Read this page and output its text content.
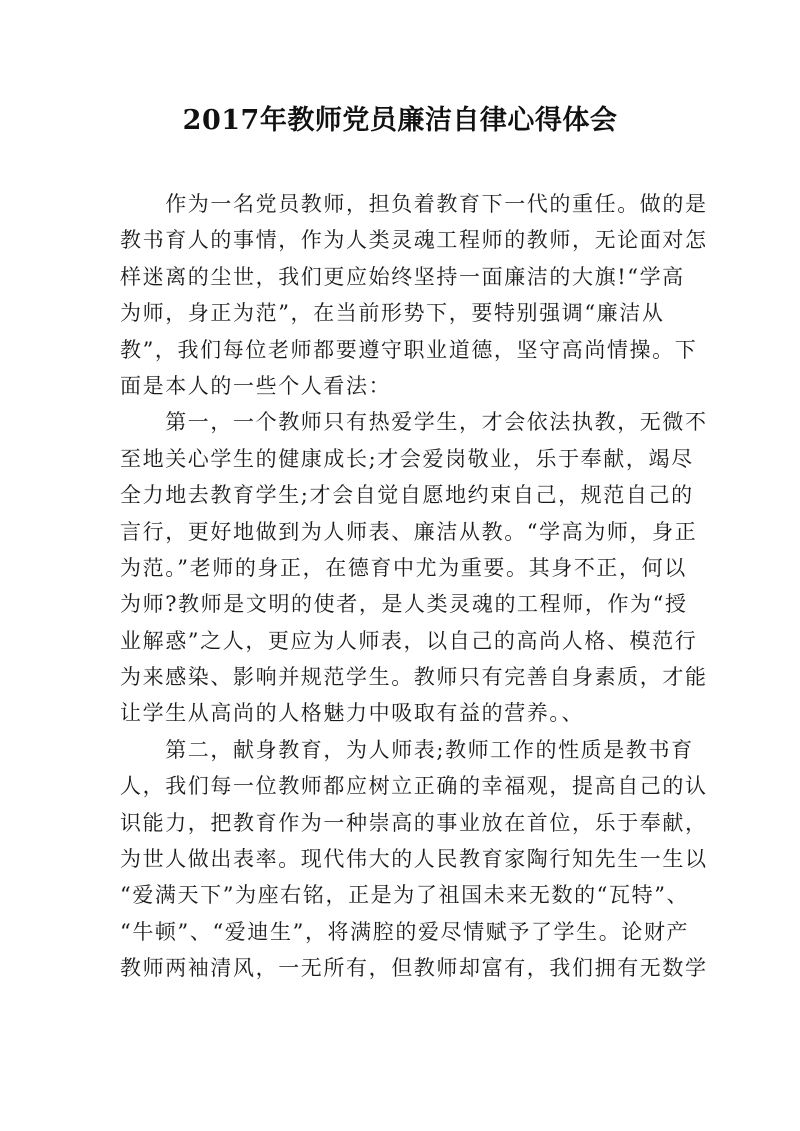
2017年教师党员廉洁自律心得体会
　　作为一名党员教师，担负着教育下一代的重任。做的是
教书育人的事情，作为人类灵魂工程师的教师，无论面对怎
样迷离的尘世，我们更应始终坚持一面廉洁的大旗!“学高
为师，身正为范”，在当前形势下，要特别强调“廉洁从
教”，我们每位老师都要遵守职业道德，坚守高尚情操。下
面是本人的一些个人看法：
　　第一，一个教师只有热爱学生，才会依法执教，无微不
至地关心学生的健康成长;才会爱岗敬业，乐于奉献，竭尽
全力地去教育学生;才会自觉自愿地约束自己，规范自己的
言行，更好地做到为人师表、廉洁从教。“学高为师，身正
为范。”老师的身正，在德育中尤为重要。其身不正，何以
为师?教师是文明的使者，是人类灵魂的工程师，作为“授
业解惑”之人，更应为人师表，以自己的高尚人格、模范行
为来感染、影响并规范学生。教师只有完善自身素质，才能
让学生从高尚的人格魅力中吸取有益的营养。、
　　第二，献身教育，为人师表;教师工作的性质是教书育
人，我们每一位教师都应树立正确的幸福观，提高自己的认
识能力，把教育作为一种崇高的事业放在首位，乐于奉献，
为世人做出表率。现代伟大的人民教育家陶行知先生一生以
“爱满天下”为座右铭，正是为了祖国未来无数的“瓦特”、
“牛顿”、“爱迪生”，将满腔的爱尽情赋予了学生。论财产
教师两袖清风，一无所有，但教师却富有，我们拥有无数学
